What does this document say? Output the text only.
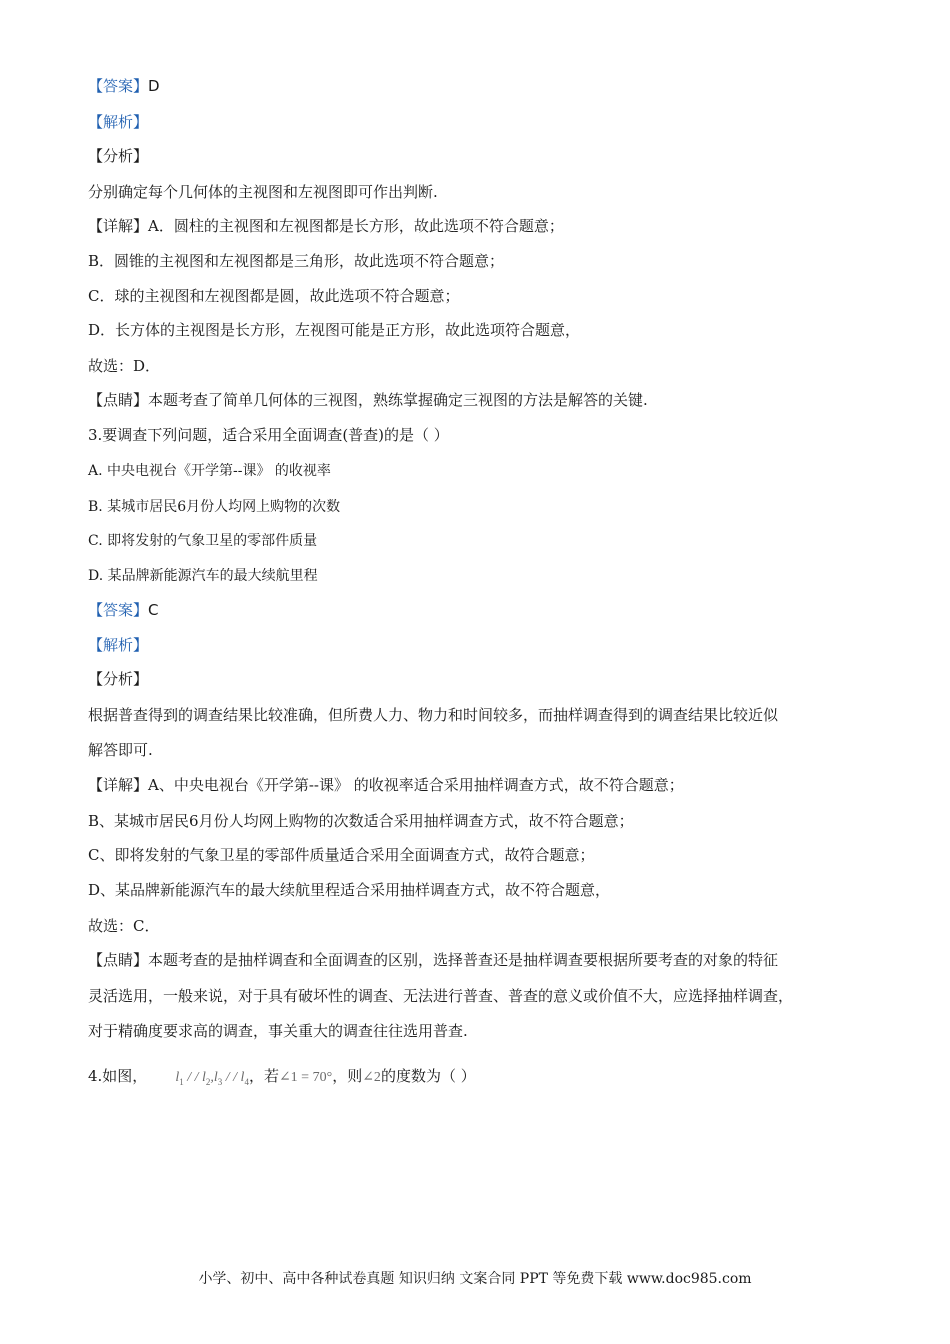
【答案】D
【解析】
【分析】
分别确定每个几何体的主视图和左视图即可作出判断.
【详解】A．圆柱的主视图和左视图都是长方形，故此选项不符合题意；
B．圆锥的主视图和左视图都是三角形，故此选项不符合题意；
C．球的主视图和左视图都是圆，故此选项不符合题意；
D．长方体的主视图是长方形，左视图可能是正方形，故此选项符合题意，
故选：D．
【点睛】本题考查了简单几何体的三视图，熟练掌握确定三视图的方法是解答的关键.
3.要调查下列问题，适合采用全面调查(普查)的是（ ）
A. 中央电视台《开学第--课》 的收视率
B. 某城市居民6月份人均网上购物的次数
C. 即将发射的气象卫星的零部件质量
D. 某品牌新能源汽车的最大续航里程
【答案】C
【解析】
【分析】
根据普查得到的调查结果比较准确，但所费人力、物力和时间较多，而抽样调查得到的调查结果比较近似
解答即可.
【详解】A、中央电视台《开学第--课》 的收视率适合采用抽样调查方式，故不符合题意；
B、某城市居民6月份人均网上购物的次数适合采用抽样调查方式，故不符合题意；
C、即将发射的气象卫星的零部件质量适合采用全面调查方式，故符合题意；
D、某品牌新能源汽车的最大续航里程适合采用抽样调查方式，故不符合题意，
故选：C．
【点睛】本题考查的是抽样调查和全面调查的区别，选择普查还是抽样调查要根据所要考查的对象的特征
灵活选用，一般来说，对于具有破坏性的调查、无法进行普查、普查的意义或价值不大，应选择抽样调查，
对于精确度要求高的调查，事关重大的调查往往选用普查.
4.如图， $l_1$ / / $l_2,l_3$ / / $l_4$，若∠1 = 70°，则∠2的度数为（ ）
小学、初中、高中各种试卷真题 知识归纳 文案合同 PPT 等免费下载 www.doc985.com
